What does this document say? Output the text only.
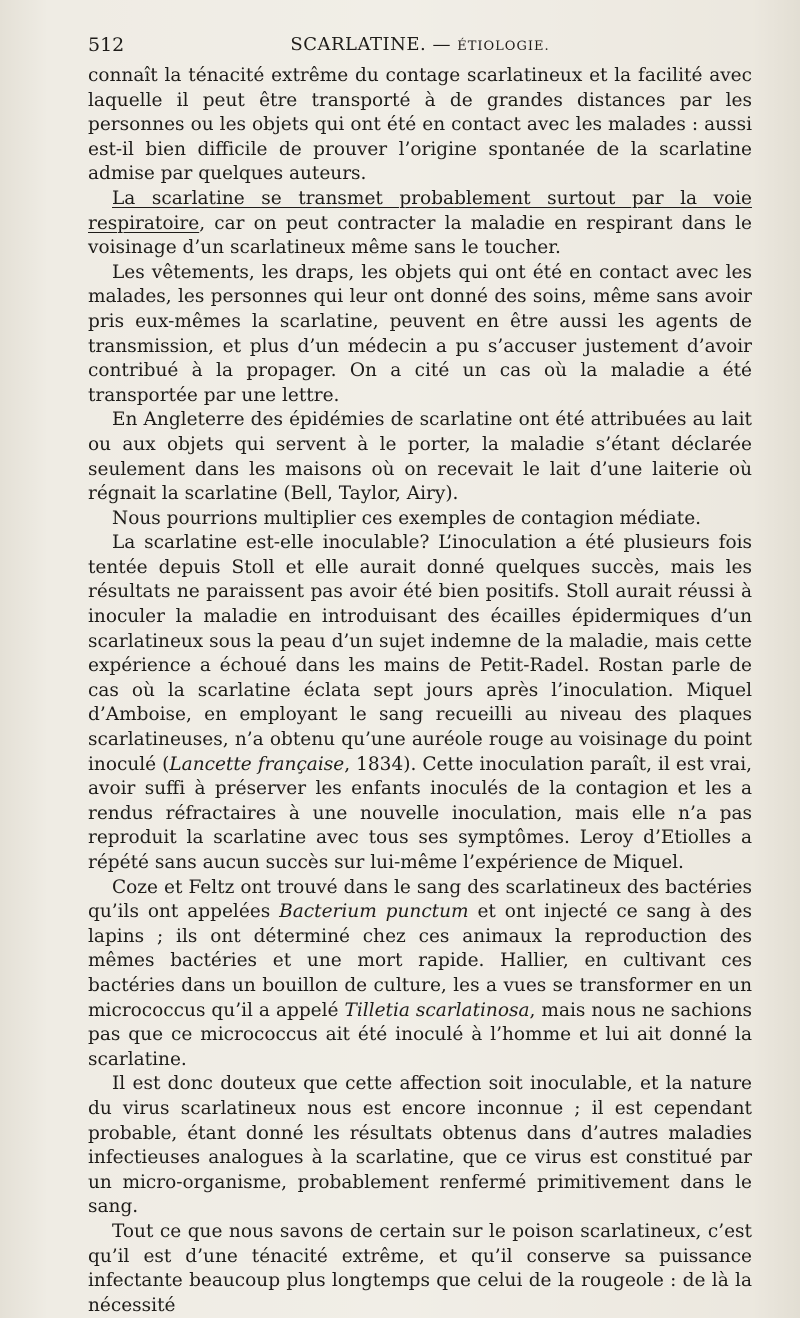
512	SCARLATINE. — ÉTIOLOGIE.

connaît la ténacité extrême du contage scarlatineux et la facilité avec laquelle il peut être transporté à de grandes distances par les personnes ou les objets qui ont été en contact avec les malades : aussi est-il bien difficile de prouver l’origine spontanée de la scarlatine admise par quelques auteurs.

La scarlatine se transmet probablement surtout par la voie respiratoire, car on peut contracter la maladie en respirant dans le voisinage d’un scarlatineux même sans le toucher.

Les vêtements, les draps, les objets qui ont été en contact avec les malades, les personnes qui leur ont donné des soins, même sans avoir pris eux-mêmes la scarlatine, peuvent en être aussi les agents de transmission, et plus d’un médecin a pu s’accuser justement d’avoir contribué à la propager. On a cité un cas où la maladie a été transportée par une lettre.

En Angleterre des épidémies de scarlatine ont été attribuées au lait ou aux objets qui servent à le porter, la maladie s’étant déclarée seulement dans les maisons où on recevait le lait d’une laiterie où régnait la scarlatine (Bell, Taylor, Airy).

Nous pourrions multiplier ces exemples de contagion médiate.

La scarlatine est-elle inoculable? L’inoculation a été plusieurs fois tentée depuis Stoll et elle aurait donné quelques succès, mais les résultats ne paraissent pas avoir été bien positifs. Stoll aurait réussi à inoculer la maladie en introduisant des écailles épidermiques d’un scarlatineux sous la peau d’un sujet indemne de la maladie, mais cette expérience a échoué dans les mains de Petit-Radel. Rostan parle de cas où la scarlatine éclata sept jours après l’inoculation. Miquel d’Amboise, en employant le sang recueilli au niveau des plaques scarlatineuses, n’a obtenu qu’une auréole rouge au voisinage du point inoculé (Lancette française, 1834). Cette inoculation paraît, il est vrai, avoir suffi à préserver les enfants inoculés de la contagion et les a rendus réfractaires à une nouvelle inoculation, mais elle n’a pas reproduit la scarlatine avec tous ses symptômes. Leroy d’Etiolles a répété sans aucun succès sur lui-même l’expérience de Miquel.

Coze et Feltz ont trouvé dans le sang des scarlatineux des bactéries qu’ils ont appelées Bacterium punctum et ont injecté ce sang à des lapins ; ils ont déterminé chez ces animaux la reproduction des mêmes bactéries et une mort rapide. Hallier, en cultivant ces bactéries dans un bouillon de culture, les a vues se transformer en un micrococcus qu’il a appelé Tilletia scarlatinosa, mais nous ne sachions pas que ce micrococcus ait été inoculé à l’homme et lui ait donné la scarlatine.

Il est donc douteux que cette affection soit inoculable, et la nature du virus scarlatineux nous est encore inconnue ; il est cependant probable, étant donné les résultats obtenus dans d’autres maladies infectieuses analogues à la scarlatine, que ce virus est constitué par un micro-organisme, probablement renfermé primitivement dans le sang.

Tout ce que nous savons de certain sur le poison scarlatineux, c’est qu’il est d’une ténacité extrême, et qu’il conserve sa puissance infectante beaucoup plus longtemps que celui de la rougeole : de là la nécessité
